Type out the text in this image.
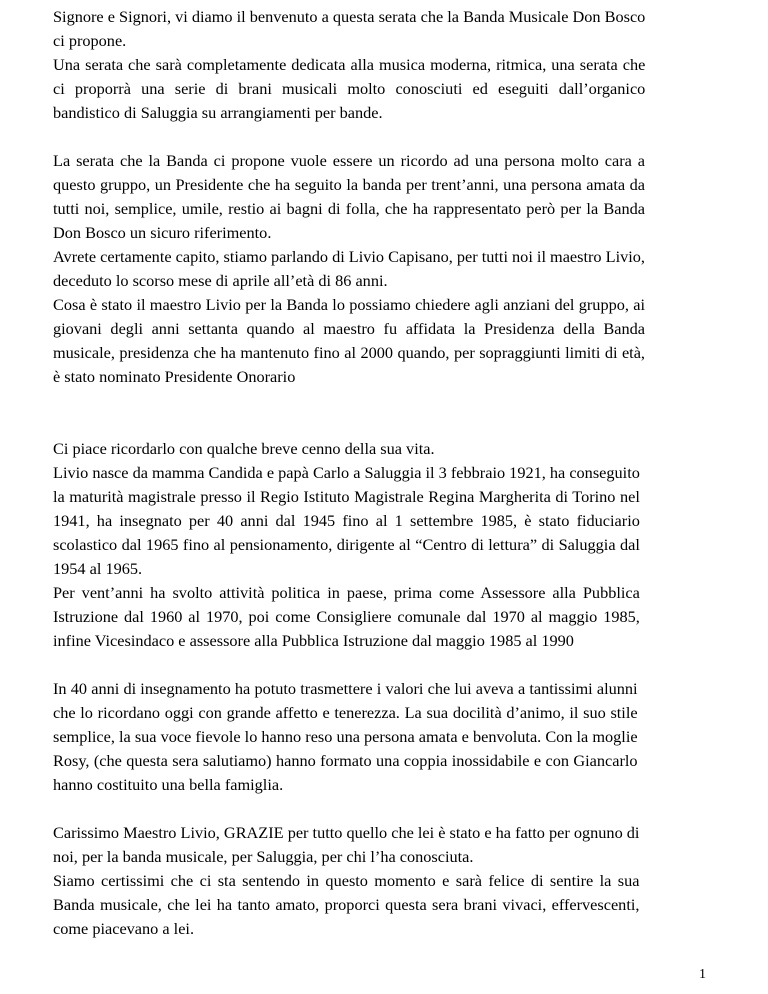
Signore e Signori, vi diamo il benvenuto a questa serata che la Banda Musicale Don Bosco
ci propone.
Una serata che sarà completamente dedicata alla musica moderna, ritmica, una serata che
ci proporrà una serie di brani musicali molto conosciuti ed eseguiti dall’organico
bandistico di Saluggia su arrangiamenti per bande.
La serata che la Banda ci propone vuole essere un ricordo ad una persona molto cara a
questo gruppo, un Presidente che ha seguito la banda per trent’anni, una persona amata da
tutti noi, semplice, umile, restio ai bagni di folla, che ha rappresentato però per la Banda
Don Bosco un sicuro riferimento.
Avrete certamente capito, stiamo parlando di Livio Capisano, per tutti noi il maestro Livio,
deceduto lo scorso mese di aprile all’età di 86 anni.
Cosa è stato il maestro Livio per la Banda lo possiamo chiedere agli anziani del gruppo, ai
giovani degli anni settanta quando al maestro fu affidata la Presidenza della Banda
musicale, presidenza che ha mantenuto fino al 2000 quando, per sopraggiunti limiti di età,
è stato nominato Presidente Onorario
Ci piace ricordarlo con qualche breve cenno della sua vita.
Livio nasce da mamma Candida e papà Carlo a Saluggia il 3 febbraio 1921, ha conseguito
la maturità magistrale presso il Regio Istituto Magistrale Regina Margherita di Torino nel
1941, ha insegnato per 40 anni dal 1945 fino al 1 settembre 1985, è stato fiduciario
scolastico dal 1965 fino al pensionamento, dirigente al “Centro di lettura” di Saluggia dal
1954 al 1965.
Per vent’anni ha svolto attività politica in paese, prima come Assessore alla Pubblica
Istruzione dal 1960 al 1970, poi come Consigliere comunale dal 1970 al maggio 1985,
infine Vicesindaco e assessore alla Pubblica Istruzione dal maggio 1985 al 1990
In 40 anni di insegnamento ha potuto trasmettere i valori che lui aveva a tantissimi alunni
che lo ricordano oggi con grande affetto e tenerezza. La sua docilità d’animo, il suo stile
semplice, la sua voce fievole lo hanno reso una persona amata e benvoluta. Con la moglie
Rosy, (che questa sera salutiamo) hanno formato una coppia inossidabile e con Giancarlo
hanno costituito una bella famiglia.
Carissimo Maestro Livio, GRAZIE per tutto quello che lei è stato e ha fatto per ognuno di
noi, per la banda musicale, per Saluggia, per chi l’ha conosciuta.
Siamo certissimi che ci sta sentendo in questo momento e sarà felice di sentire la sua
Banda musicale, che lei ha tanto amato, proporci questa sera brani vivaci, effervescenti,
come piacevano a lei.
1
